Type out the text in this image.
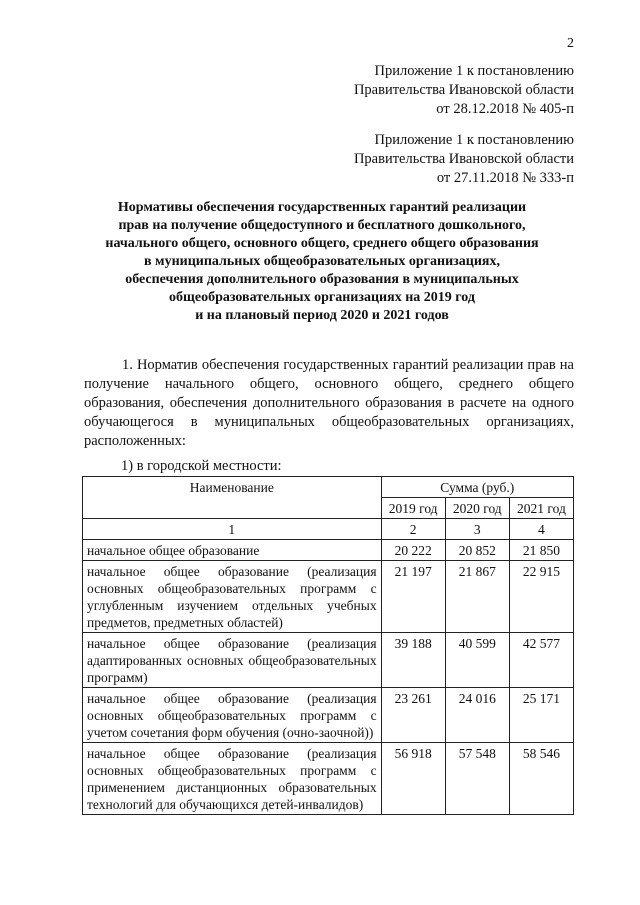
2
Приложение 1 к постановлению
Правительства Ивановской области
от 28.12.2018 № 405-п
Приложение 1 к постановлению
Правительства Ивановской области
от 27.11.2018 № 333-п
Нормативы обеспечения государственных гарантий реализации
прав на получение общедоступного и бесплатного дошкольного,
начального общего, основного общего, среднего общего образования
в муниципальных общеобразовательных организациях,
обеспечения дополнительного образования в муниципальных
общеобразовательных организациях на 2019 год
и на плановый период 2020 и 2021 годов

1. Норматив обеспечения государственных гарантий реализации прав на получение начального общего, основного общего, среднего общего образования, обеспечения дополнительного образования в расчете на одного обучающегося в муниципальных общеобразовательных организациях, расположенных:

1) в городской местности:
Наименование	Сумма (руб.)		
	2019 год	2020 год	2021 год
1	2	3	4
начальное общее образование	20 222	20 852	21 850
начальное общее образование (реализация основных общеобразовательных программ с углубленным изучением отдельных учебных предметов, предметных областей)	21 197	21 867	22 915
начальное общее образование (реализация адаптированных основных общеобразовательных программ)	39 188	40 599	42 577
начальное общее образование (реализация основных общеобразовательных программ с учетом сочетания форм обучения (очно-заочной))	23 261	24 016	25 171
начальное общее образование (реализация основных общеобразовательных программ с применением дистанционных образовательных технологий для обучающихся детей-инвалидов)	56 918	57 548	58 546
